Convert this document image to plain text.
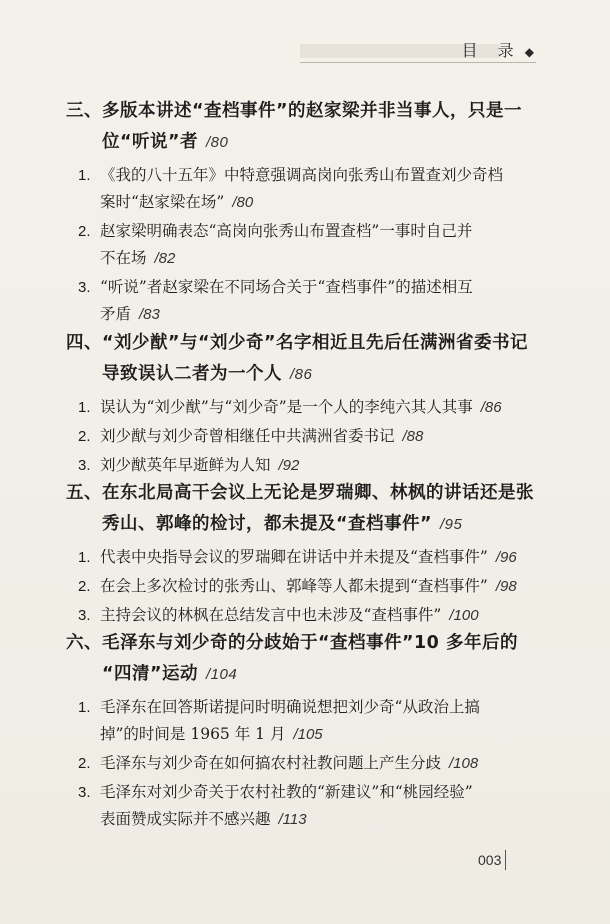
目　录 ◆
三、多版本讲述“查档事件”的赵家梁并非当事人，只是一
位“听说”者 /80
1. 《我的八十五年》中特意强调高岗向张秀山布置查刘少奇档
案时“赵家梁在场” /80
2. 赵家梁明确表态“高岗向张秀山布置查档”一事时自己并
不在场 /82
3. “听说”者赵家梁在不同场合关于“查档事件”的描述相互
矛盾 /83
四、“刘少猷”与“刘少奇”名字相近且先后任满洲省委书记
导致误认二者为一个人 /86
1. 误认为“刘少猷”与“刘少奇”是一个人的李纯六其人其事 /86
2. 刘少猷与刘少奇曾相继任中共满洲省委书记 /88
3. 刘少猷英年早逝鲜为人知 /92
五、在东北局高干会议上无论是罗瑞卿、林枫的讲话还是张
秀山、郭峰的检讨，都未提及“查档事件” /95
1. 代表中央指导会议的罗瑞卿在讲话中并未提及“查档事件” /96
2. 在会上多次检讨的张秀山、郭峰等人都未提到“查档事件” /98
3. 主持会议的林枫在总结发言中也未涉及“查档事件” /100
六、毛泽东与刘少奇的分歧始于“查档事件”10 多年后的
“四清”运动 /104
1. 毛泽东在回答斯诺提问时明确说想把刘少奇“从政治上搞
掉”的时间是 1965 年 1 月 /105
2. 毛泽东与刘少奇在如何搞农村社教问题上产生分歧 /108
3. 毛泽东对刘少奇关于农村社教的“新建议”和“桃园经验”
表面赞成实际并不感兴趣 /113
003
